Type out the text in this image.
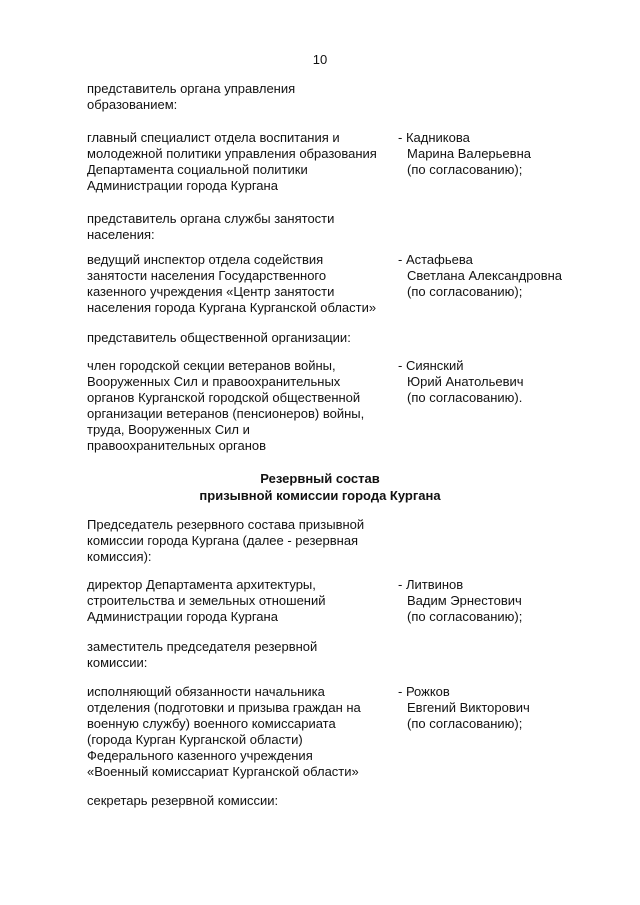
10
представитель органа управления
образованием:
главный специалист отдела воспитания и
молодежной политики управления образования
Департамента социальной политики
Администрации города Кургана
- Кадникова
Марина Валерьевна
(по согласованию);
представитель органа службы занятости
населения:
ведущий инспектор отдела содействия
занятости населения Государственного
казенного учреждения «Центр занятости
населения города Кургана Курганской области»
- Астафьева
Светлана Александровна
(по согласованию);
представитель общественной организации:
член городской секции ветеранов войны,
Вооруженных Сил и правоохранительных
органов Курганской городской общественной
организации ветеранов (пенсионеров) войны,
труда, Вооруженных Сил и
правоохранительных органов
- Сиянский
Юрий Анатольевич
(по согласованию).
Резервный состав
призывной комиссии города Кургана
Председатель резервного состава призывной
комиссии города Кургана (далее - резервная
комиссия):
директор Департамента архитектуры,
строительства и земельных отношений
Администрации города Кургана
- Литвинов
Вадим Эрнестович
(по согласованию);
заместитель председателя резервной
комиссии:
исполняющий обязанности начальника
отделения (подготовки и призыва граждан на
военную службу) военного комиссариата
(города Курган Курганской области)
Федерального казенного учреждения
«Военный комиссариат Курганской области»
- Рожков
Евгений Викторович
(по согласованию);
секретарь резервной комиссии:
